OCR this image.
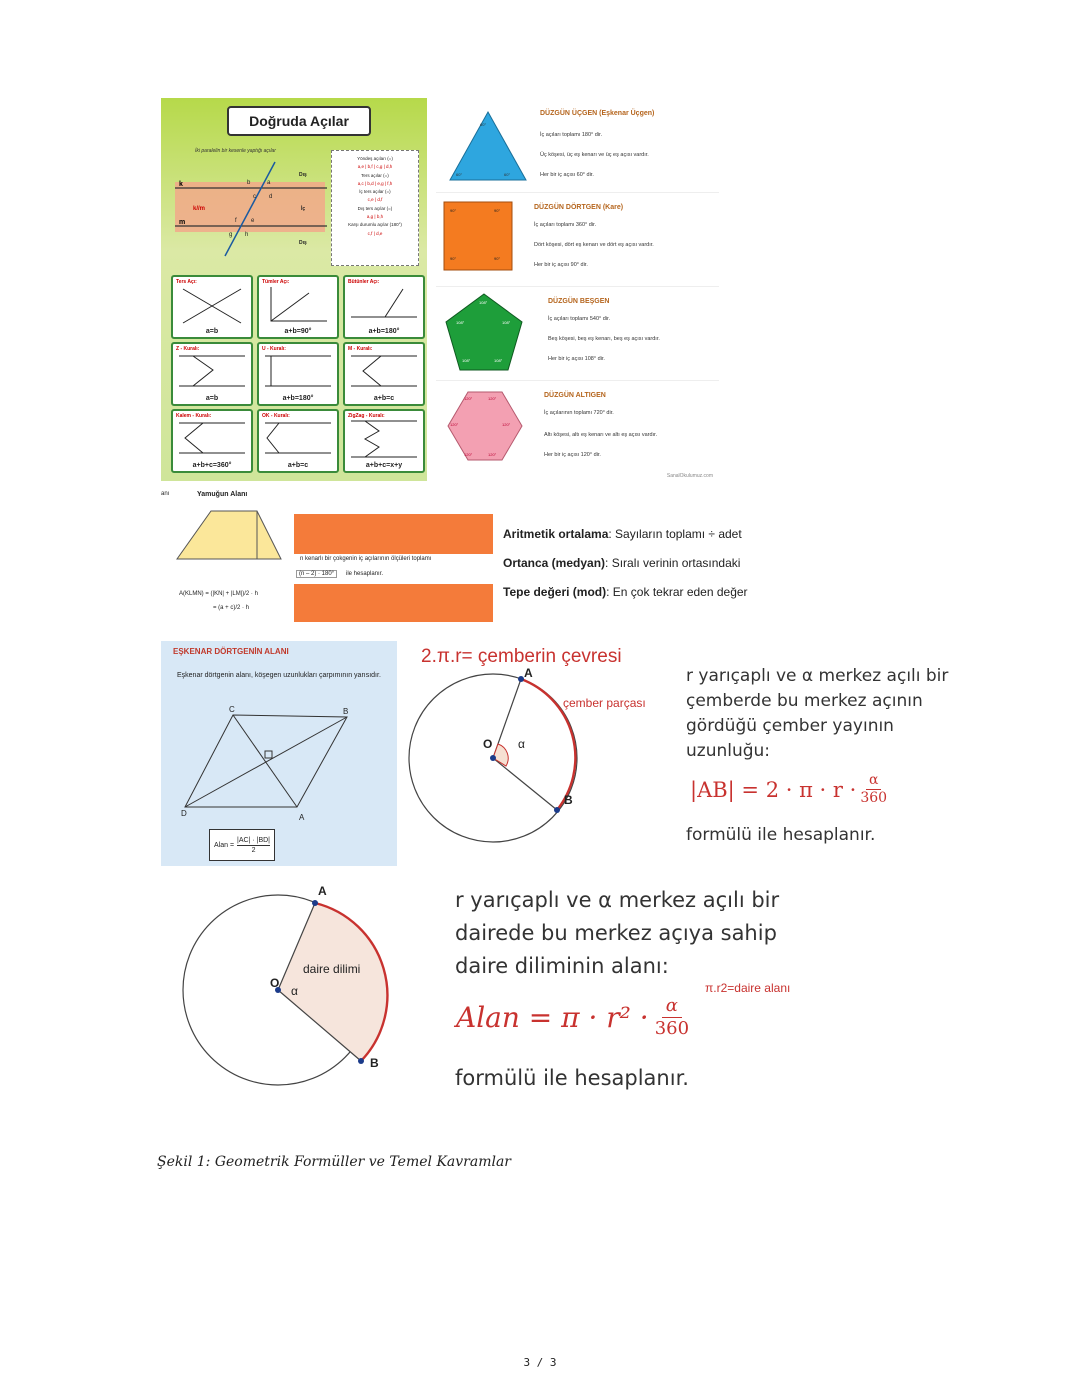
Doğruda Açılar
İki paralelin bir kesenle yaptığı açılar
k
m
b	a
c d
f e
g h
k//m
Dış
İç
Dış
Yöndeş açıları (=)
a,e | b,f | c,g | d,h
Ters açılar (=)
a,c | b,d | e,g | f,h
İç ters açılar (=)
c,e | d,f
Dış ters açılar (=)
a,g | b,h
Karşı durumlu açılar (180°)
c,f | d,e
Ters Açı:
a=b
Tümler Açı:
a+b=90°
Bütünler Açı:
a+b=180°
Z - Kuralı:
a=b
U - Kuralı:
a+b=180°
M - Kuralı:
a+b=c
Kalem - Kuralı:
a+b+c=360°
OK - Kuralı:
a+b=c
ZigZag - Kuralı:
a+b+c=x+y
60°
60°	60°
DÜZGÜN ÜÇGEN (Eşkenar Üçgen)
İç açıları toplamı 180° dir.
Üç köşesi, üç eş kenarı ve üç eş açısı vardır.
Her bir iç açısı 60° dir.
90°	90°
90°	90°
DÜZGÜN DÖRTGEN (Kare)
İç açıları toplamı 360° dir.
Dört köşesi, dört eş kenarı ve dört eş açısı vardır.
Her bir iç açısı 90° dir.
108°
108°	108°
108°	108°
DÜZGÜN BEŞGEN
İç açıları toplamı 540° dir.
Beş köşesi, beş eş kenarı, beş eş açısı vardır.
Her bir iç açısı 108° dir.
120°	120°
120°	120°
120°	120°
DÜZGÜN ALTIGEN
İç açılarının toplamı 720° dir.
Altı köşesi, altı eş kenarı ve altı eş açısı vardır.
Her bir iç açısı 120° dir.
SanalOkulumuz.com
anı	Yamuğun Alanı
A(KLMN) = (|KN| + |LM|)/2 · h
= (a + c)/2 · h
n kenarlı bir çokgenin iç açılarının ölçüleri toplamı
(n – 2) · 180°	ile hesaplanır.
Aritmetik ortalama: Sayıların toplamı ÷ adet
Ortanca (medyan): Sıralı verinin ortasındaki
Tepe değeri (mod): En çok tekrar eden değer
EŞKENAR DÖRTGENİN ALANI
Eşkenar dörtgenin alanı, köşegen uzunlukları çarpımının yarısıdır.
C	B
D	A
Alan = $\frac{|AC| \cdot |BD|}{2}$
2.π.r= çemberin çevresi
A
O α
B
çember parçası
r yarıçaplı ve α merkez açılı bir
çemberde bu merkez açının
gördüğü çember yayının
uzunluğu:
$|AB| = 2 \cdot \pi \cdot r \cdot \frac{\alpha}{360}$
formülü ile hesaplanır.
A
O
α
B
daire dilimi
r yarıçaplı ve α merkez açılı bir
dairede bu merkez açıya sahip
daire diliminin alanı:
π.r2=daire alanı
Alan = $\pi \cdot r^2 \cdot \frac{\alpha}{360}$
formülü ile hesaplanır.
Şekil 1: Geometrik Formüller ve Temel Kavramlar
3 / 3
